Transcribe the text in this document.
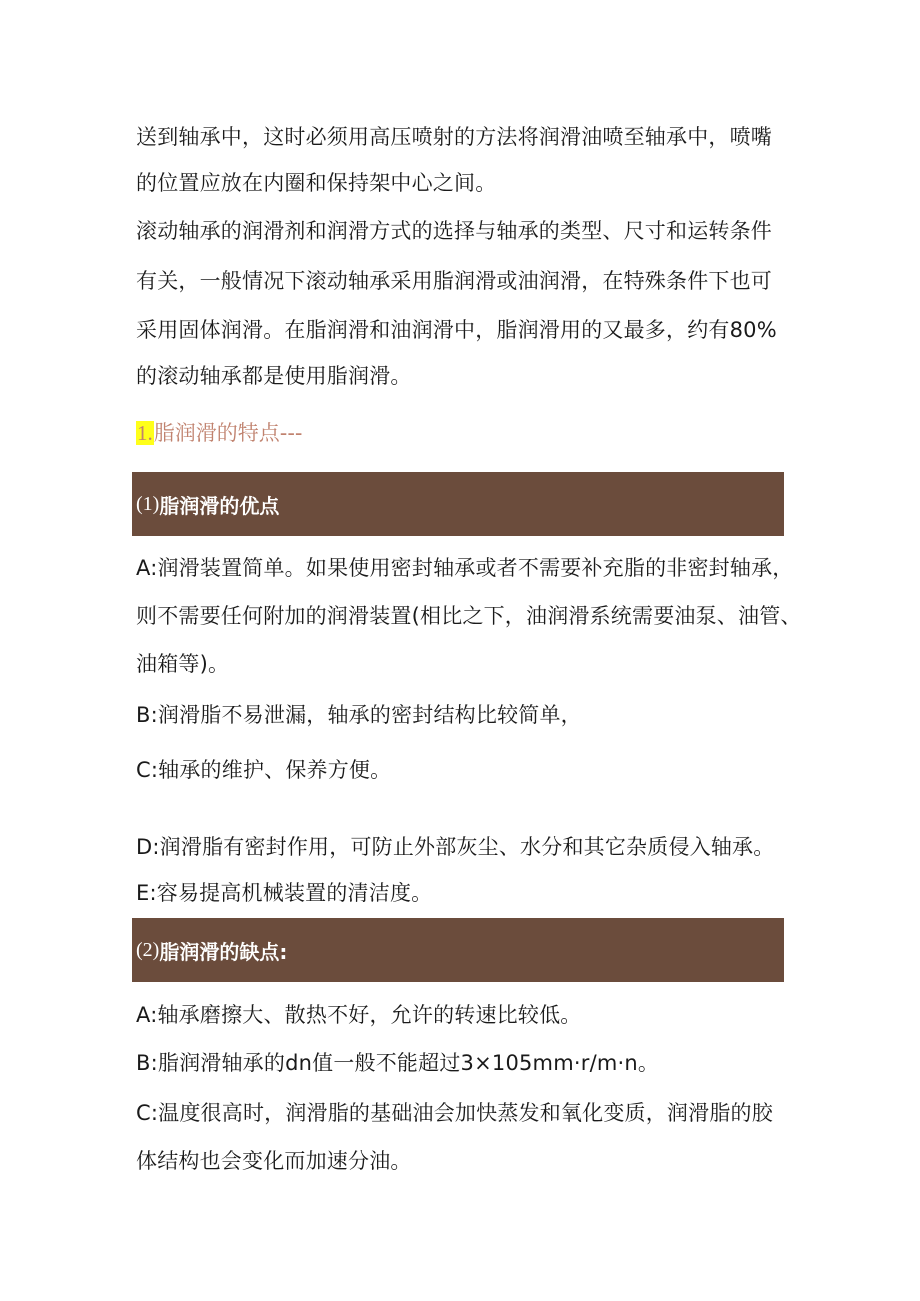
送到轴承中，这时必须用高压喷射的方法将润滑油喷至轴承中，喷嘴
的位置应放在内圈和保持架中心之间。
滚动轴承的润滑剂和润滑方式的选择与轴承的类型、尺寸和运转条件
有关，一般情况下滚动轴承采用脂润滑或油润滑，在特殊条件下也可
采用固体润滑。在脂润滑和油润滑中，脂润滑用的又最多，约有80%
的滚动轴承都是使用脂润滑。
1.脂润滑的特点---
(1) 脂润滑的优点
A:润滑装置简单。如果使用密封轴承或者不需要补充脂的非密封轴承，
则不需要任何附加的润滑装置(相比之下，油润滑系统需要油泵、油管、
油箱等)。
B:润滑脂不易泄漏，轴承的密封结构比较简单，
C:轴承的维护、保养方便。
D:润滑脂有密封作用，可防止外部灰尘、水分和其它杂质侵入轴承。
E:容易提高机械装置的清洁度。
(2) 脂润滑的缺点:
A:轴承磨擦大、散热不好，允许的转速比较低。
B:脂润滑轴承的dn值一般不能超过3×105mm·r/m·n。
C:温度很高时，润滑脂的基础油会加快蒸发和氧化变质，润滑脂的胶
体结构也会变化而加速分油。
